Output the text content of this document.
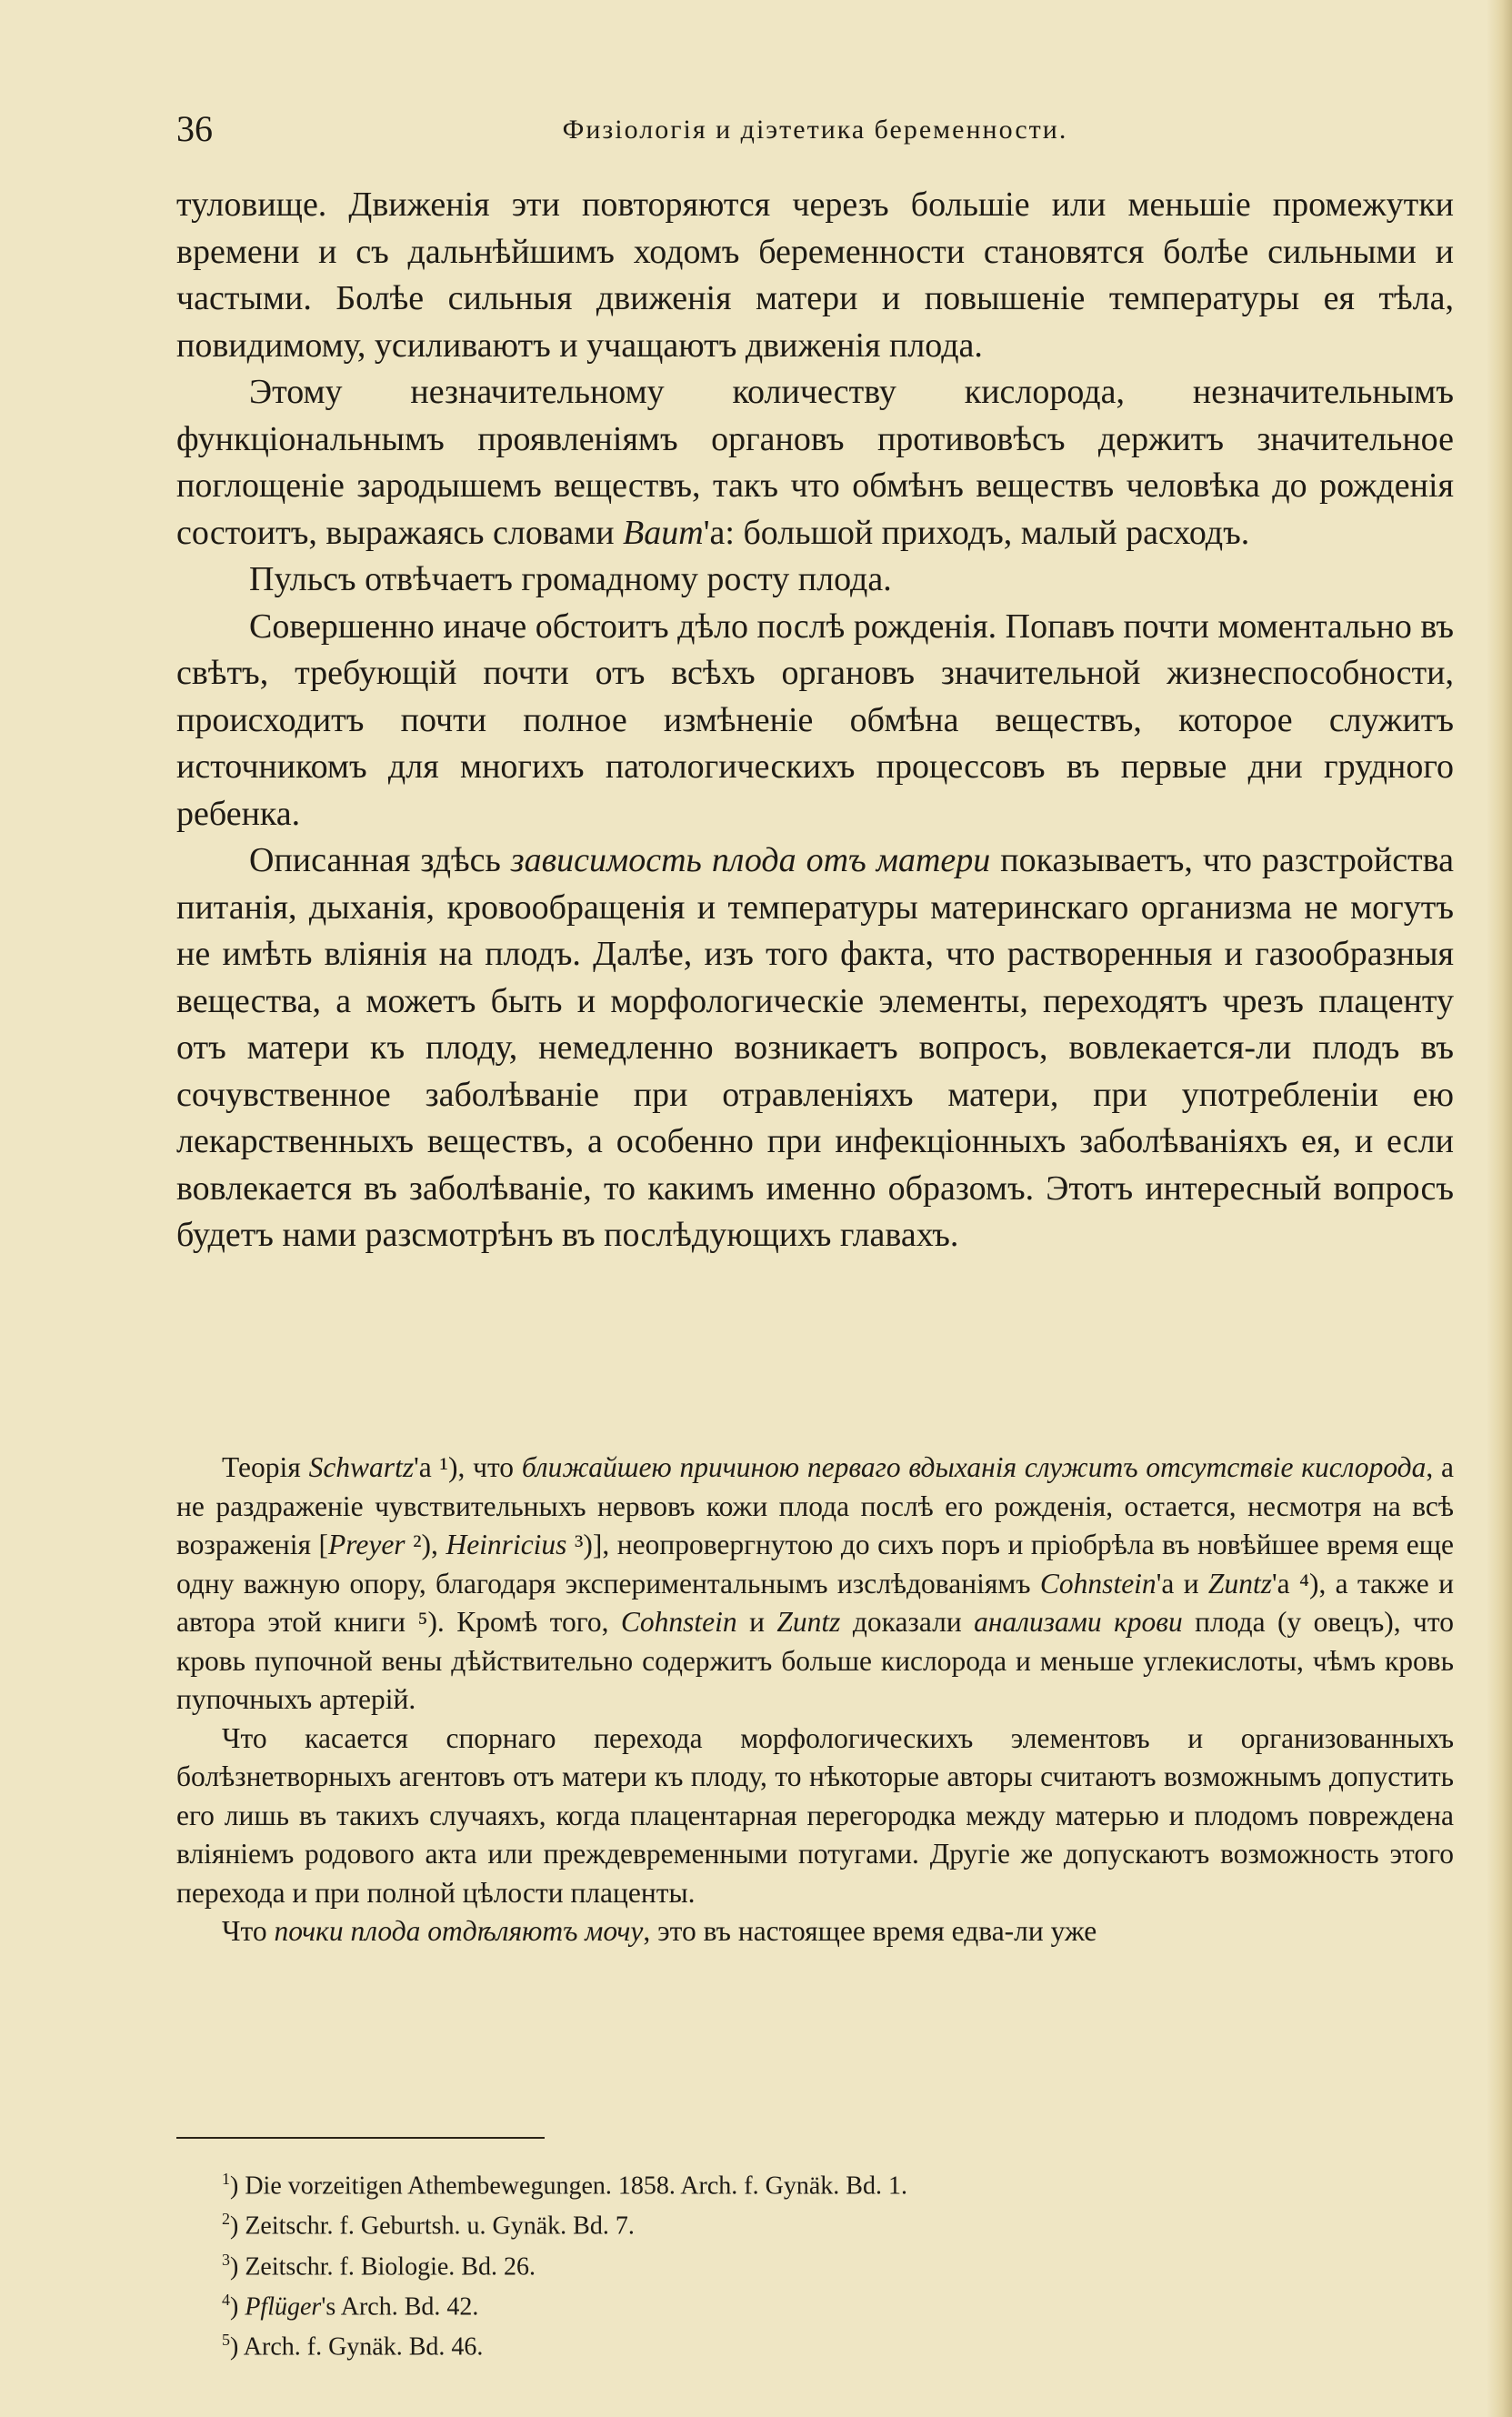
36	Физіологія и діэтетика беременности.

туловище. Движенія эти повторяются черезъ большіе или меньшіе промежутки времени и съ дальнѣйшимъ ходомъ беременности становятся болѣе сильными и частыми. Болѣе сильныя движенія матери и повышеніе температуры ея тѣла, повидимому, усиливаютъ и учащаютъ движенія плода.

Этому незначительному количеству кислорода, незначительнымъ функціональнымъ проявленіямъ органовъ противовѣсъ держитъ значительное поглощеніе зародышемъ веществъ, такъ что обмѣнъ веществъ человѣка до рожденія состоитъ, выражаясь словами Ваит'а: большой приходъ, малый расходъ.

Пульсъ отвѣчаетъ громадному росту плода.

Совершенно иначе обстоитъ дѣло послѣ рожденія. Попавъ почти моментально въ свѣтъ, требующій почти отъ всѣхъ органовъ значительной жизнеспособности, происходитъ почти полное измѣненіе обмѣна веществъ, которое служитъ источникомъ для многихъ патологическихъ процессовъ въ первые дни грудного ребенка.

Описанная здѣсь зависимость плода отъ матери показываетъ, что разстройства питанія, дыханія, кровообращенія и температуры материнскаго организма не могутъ не имѣть вліянія на плодъ. Далѣе, изъ того факта, что растворенныя и газообразныя вещества, а можетъ быть и морфологическіе элементы, переходятъ чрезъ плаценту отъ матери къ плоду, немедленно возникаетъ вопросъ, вовлекается-ли плодъ въ сочувственное заболѣваніе при отравленіяхъ матери, при употребленіи ею лекарственныхъ веществъ, а особенно при инфекціонныхъ заболѣваніяхъ ея, и если вовлекается въ заболѣваніе, то какимъ именно образомъ. Этотъ интересный вопросъ будетъ нами разсмотрѣнъ въ послѣдующихъ главахъ.

Теорія Schwartz'а ¹), что ближайшею причиною перваго вдыханія служитъ отсутствіе кислорода, а не раздраженіе чувствительныхъ нервовъ кожи плода послѣ его рожденія, остается, несмотря на всѣ возраженія [Preyer ²), Heinricius ³)], неопровергнутою до сихъ поръ и пріобрѣла въ новѣйшее время еще одну важную опору, благодаря экспериментальнымъ изслѣдованіямъ Cohnstein'а и Zuntz'а ⁴), а также и автора этой книги ⁵). Кромѣ того, Cohnstein и Zuntz доказали анализами крови плода (у овецъ), что кровь пупочной вены дѣйствительно содержитъ больше кислорода и меньше углекислоты, чѣмъ кровь пупочныхъ артерій.

Что касается спорнаго перехода морфологическихъ элементовъ и организованныхъ болѣзнетворныхъ агентовъ отъ матери къ плоду, то нѣкоторые авторы считаютъ возможнымъ допустить его лишь въ такихъ случаяхъ, когда плацентарная перегородка между матерью и плодомъ повреждена вліяніемъ родового акта или преждевременными потугами. Другіе же допускаютъ возможность этого перехода и при полной цѣлости плаценты.

Что почки плода отдѣляютъ мочу, это въ настоящее время едва-ли уже

$^1$) Die vorzeitigen Athembewegungen. 1858. Arch. f. Gynäk. Bd. 1.
$^2$) Zeitschr. f. Geburtsh. u. Gynäk. Bd. 7.
$^3$) Zeitschr. f. Biologie. Bd. 26.
$^4$) Pflüger's Arch. Bd. 42.
$^5$) Arch. f. Gynäk. Bd. 46.
